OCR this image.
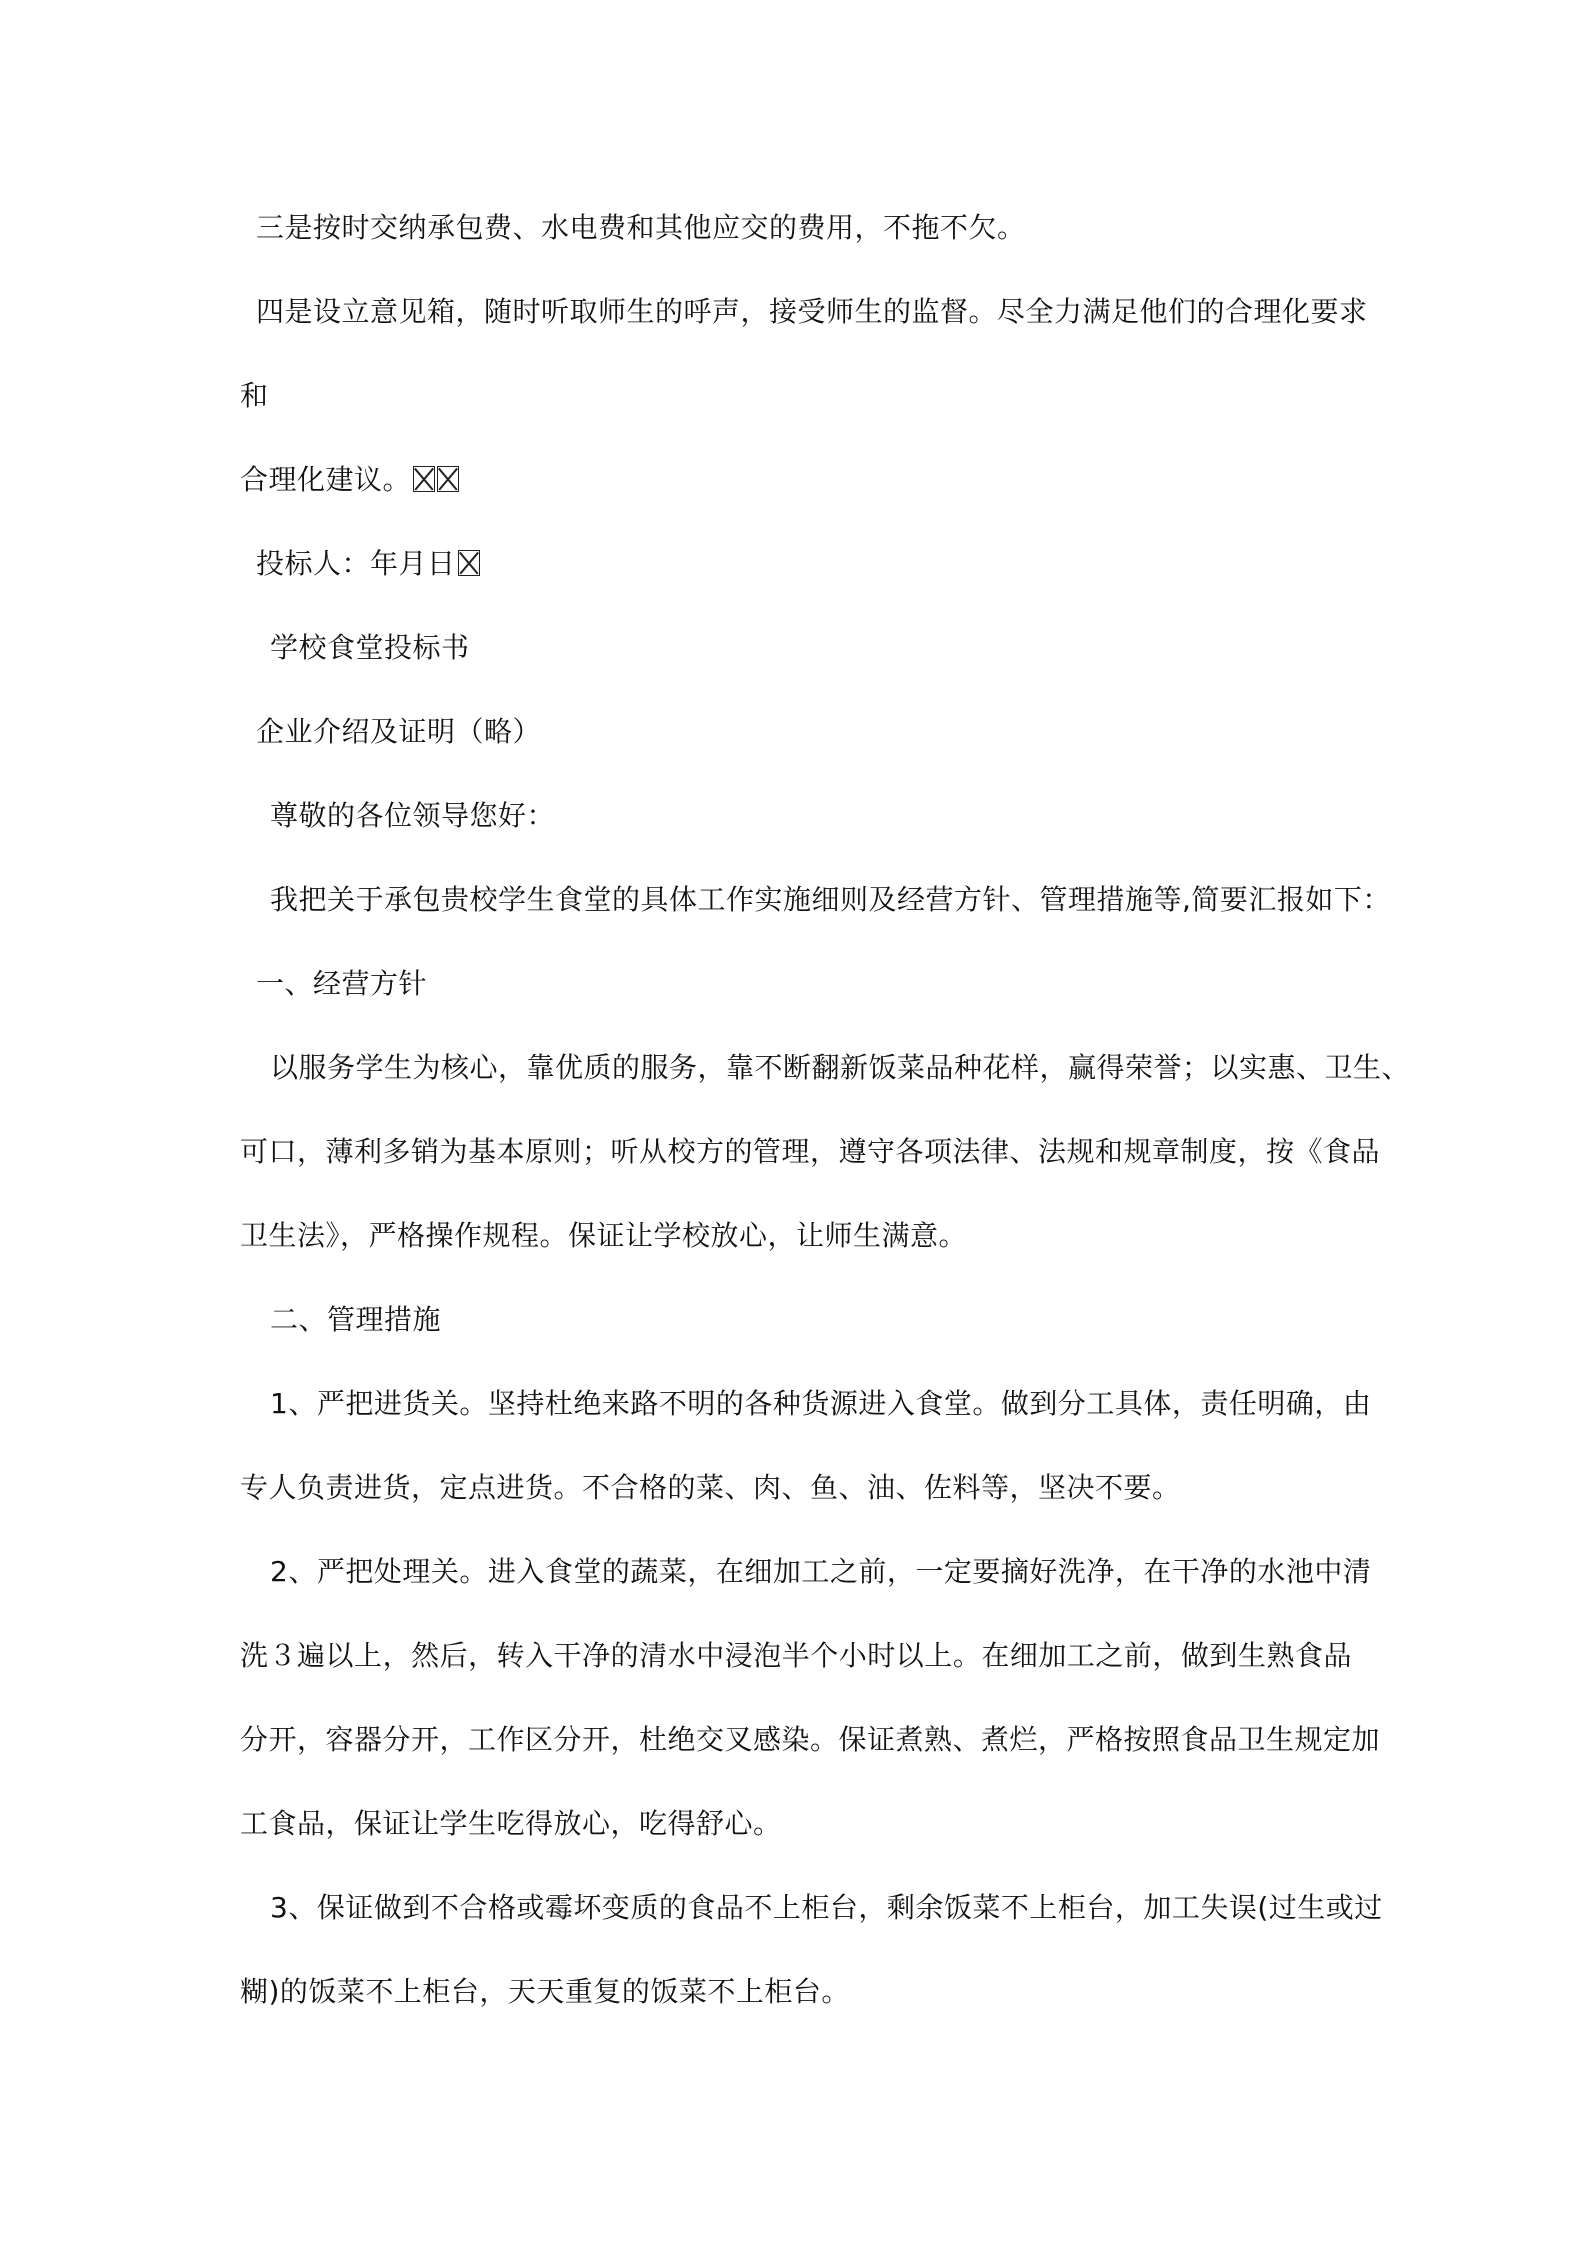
三是按时交纳承包费、水电费和其他应交的费用，不拖不欠。
四是设立意见箱，随时听取师生的呼声，接受师生的监督。尽全力满足他们的合理化要求
和
合理化建议。
投标人：年月日
学校食堂投标书
企业介绍及证明（略）
尊敬的各位领导您好：
我把关于承包贵校学生食堂的具体工作实施细则及经营方针、管理措施等,简要汇报如下：
一、经营方针
以服务学生为核心，靠优质的服务，靠不断翻新饭菜品种花样，赢得荣誉；以实惠、卫生、
可口，薄利多销为基本原则；听从校方的管理，遵守各项法律、法规和规章制度，按《食品
卫生法》，严格操作规程。保证让学校放心，让师生满意。
二、管理措施
1、严把进货关。坚持杜绝来路不明的各种货源进入食堂。做到分工具体，责任明确，由
专人负责进货，定点进货。不合格的菜、肉、鱼、油、佐料等，坚决不要。
2、严把处理关。进入食堂的蔬菜，在细加工之前，一定要摘好洗净，在干净的水池中清
洗３遍以上，然后，转入干净的清水中浸泡半个小时以上。在细加工之前，做到生熟食品
分开，容器分开，工作区分开，杜绝交叉感染。保证煮熟、煮烂，严格按照食品卫生规定加
工食品，保证让学生吃得放心，吃得舒心。
3、保证做到不合格或霉坏变质的食品不上柜台，剩余饭菜不上柜台，加工失误(过生或过
糊)的饭菜不上柜台，天天重复的饭菜不上柜台。
